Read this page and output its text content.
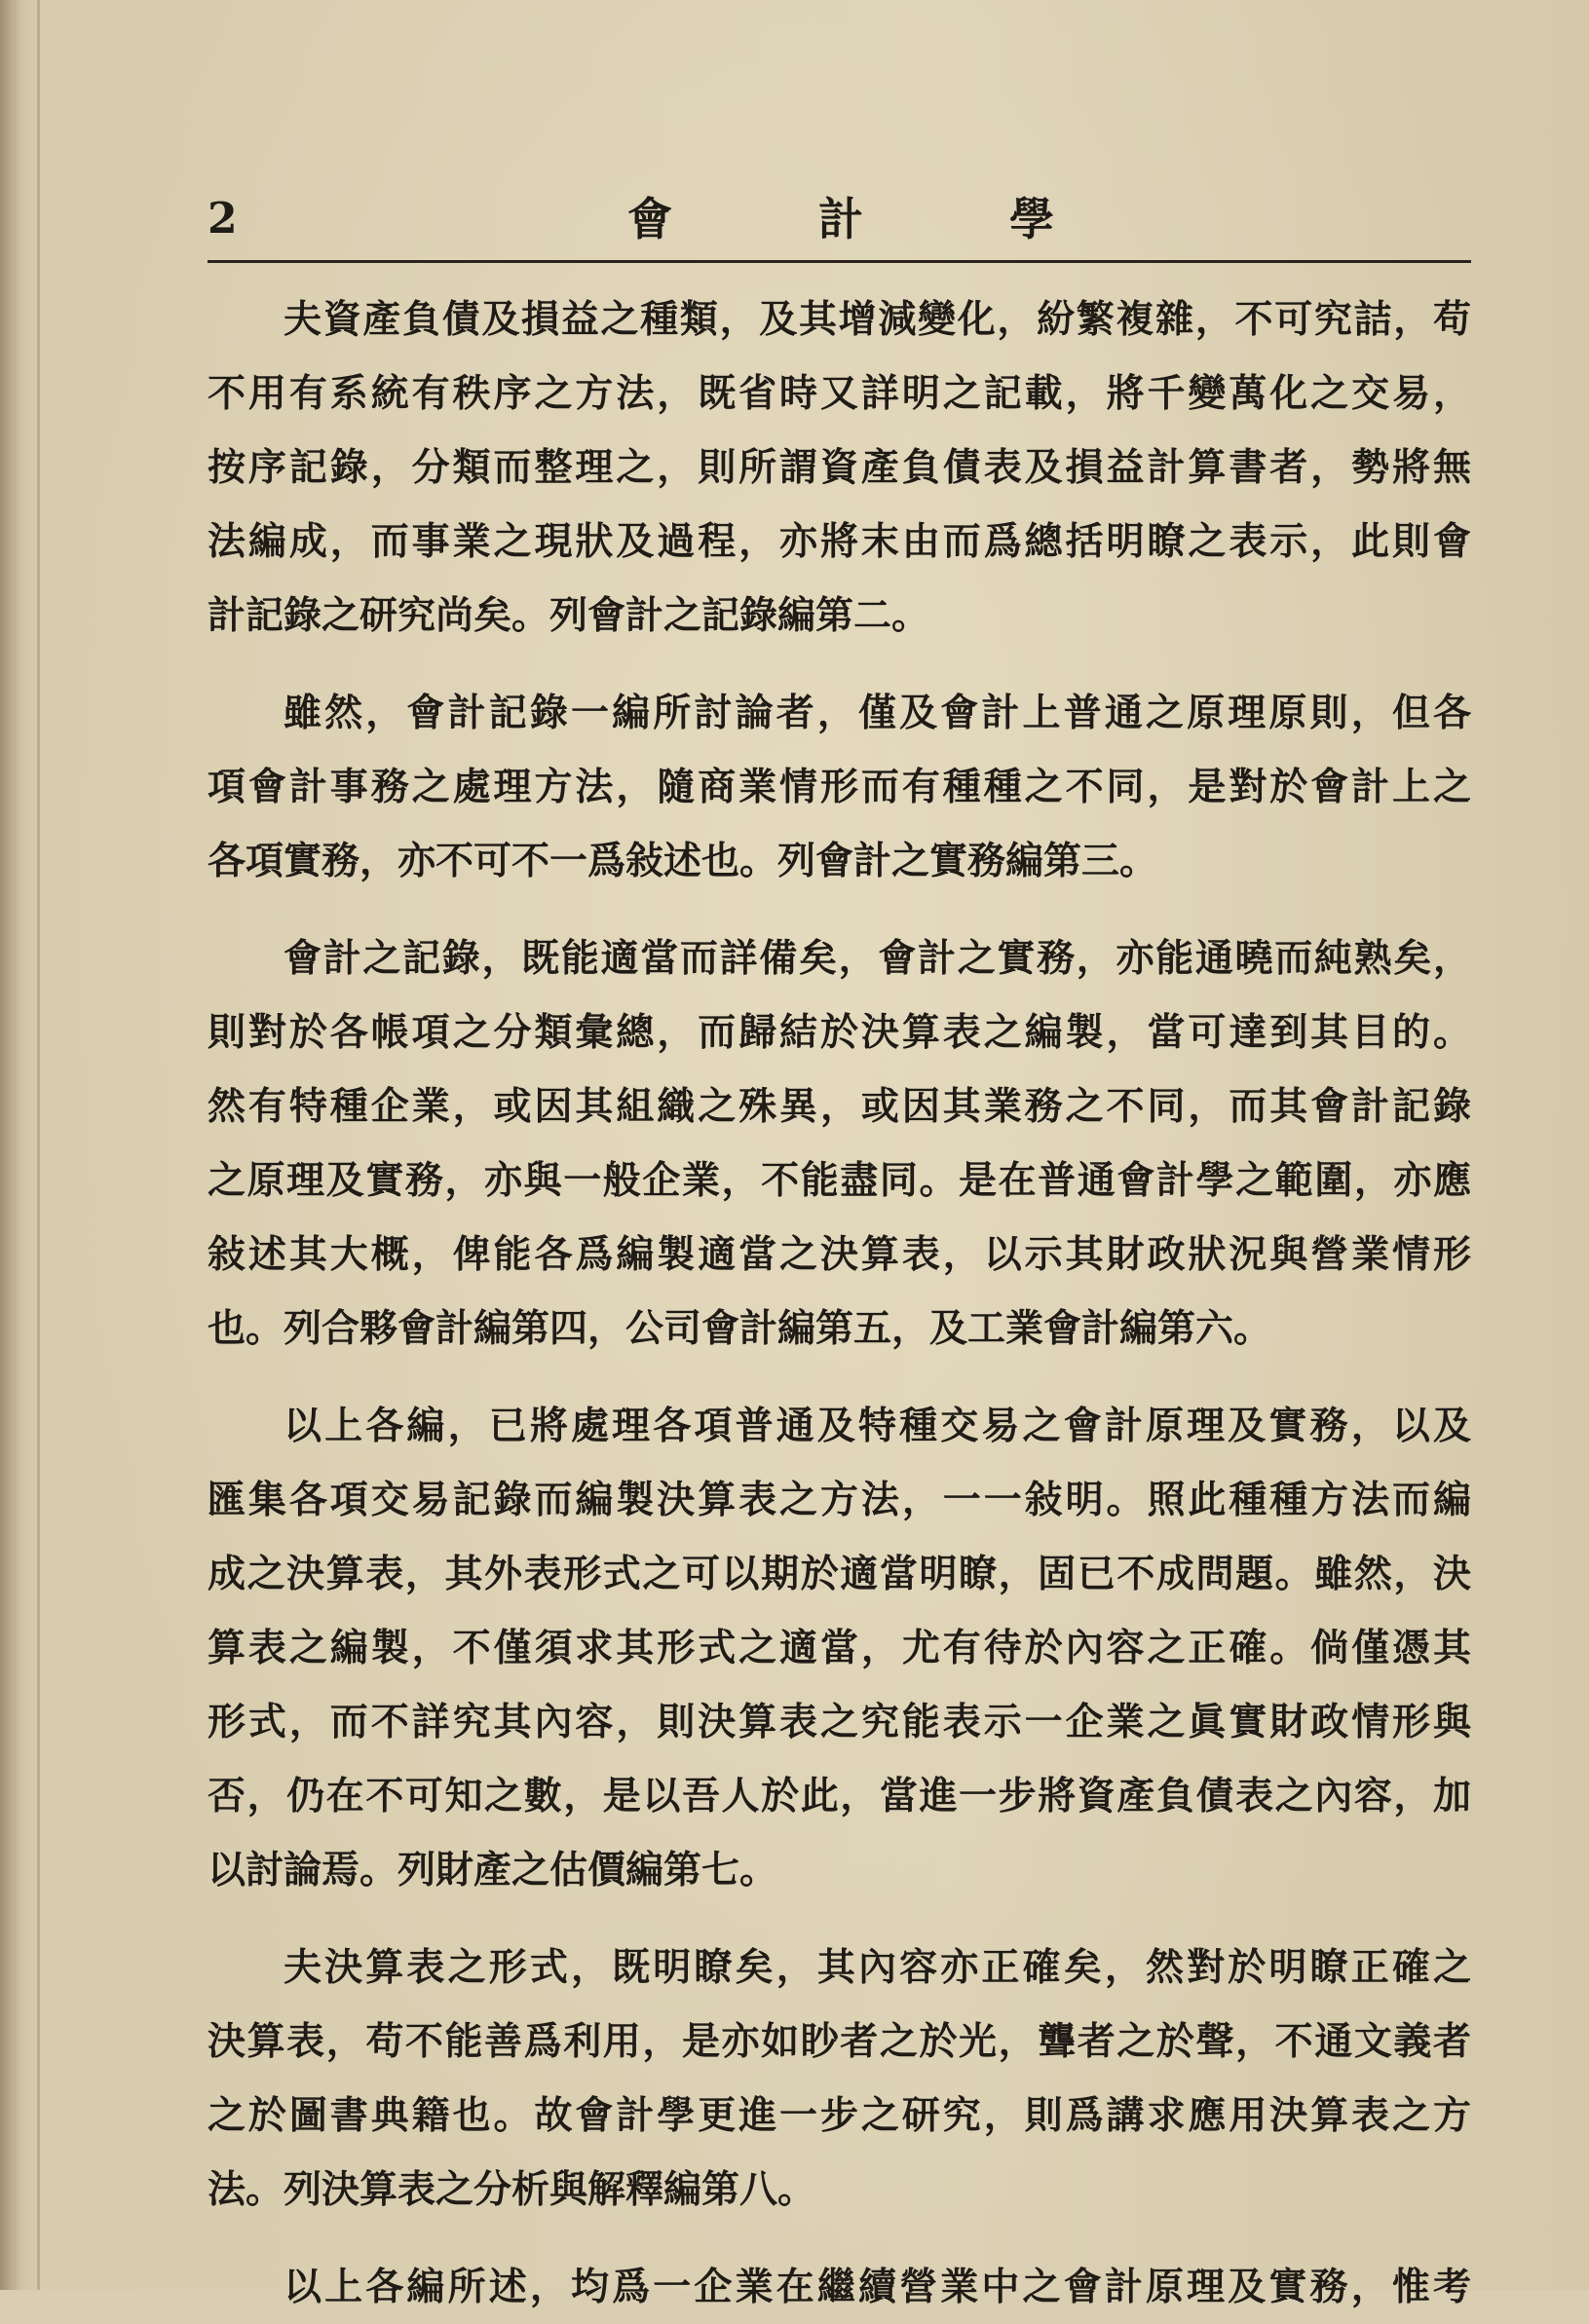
2	會	計	學
夫資產負債及損益之種類，及其增減變化，紛繁複雜，不可究詰，苟
不用有系統有秩序之方法，既省時又詳明之記載，將千變萬化之交易，
按序記錄，分類而整理之，則所謂資產負債表及損益計算書者，勢將無
法編成，而事業之現狀及過程，亦將末由而爲總括明瞭之表示，此則會
計記錄之研究尚矣。列會計之記錄編第二。
雖然，會計記錄一編所討論者，僅及會計上普通之原理原則，但各
項會計事務之處理方法，隨商業情形而有種種之不同，是對於會計上之
各項實務，亦不可不一爲敍述也。列會計之實務編第三。
會計之記錄，既能適當而詳備矣，會計之實務，亦能通曉而純熟矣，
則對於各帳項之分類彙總，而歸結於決算表之編製，當可達到其目的。
然有特種企業，或因其組織之殊異，或因其業務之不同，而其會計記錄
之原理及實務，亦與一般企業，不能盡同。是在普通會計學之範圍，亦應
敍述其大概，俾能各爲編製適當之決算表，以示其財政狀況與營業情形
也。列合夥會計編第四，公司會計編第五，及工業會計編第六。
以上各編，已將處理各項普通及特種交易之會計原理及實務，以及
匯集各項交易記錄而編製決算表之方法，一一敍明。照此種種方法而編
成之決算表，其外表形式之可以期於適當明瞭，固已不成問題。雖然，決
算表之編製，不僅須求其形式之適當，尤有待於內容之正確。倘僅憑其
形式，而不詳究其內容，則決算表之究能表示一企業之眞實財政情形與
否，仍在不可知之數，是以吾人於此，當進一步將資產負債表之內容，加
以討論焉。列財產之估價編第七。
夫決算表之形式，既明瞭矣，其內容亦正確矣，然對於明瞭正確之
決算表，苟不能善爲利用，是亦如眇者之於光，聾者之於聲，不通文義者
之於圖書典籍也。故會計學更進一步之研究，則爲講求應用決算表之方
法。列決算表之分析與解釋編第八。
以上各編所述，均爲一企業在繼續營業中之會計原理及實務，惟考
